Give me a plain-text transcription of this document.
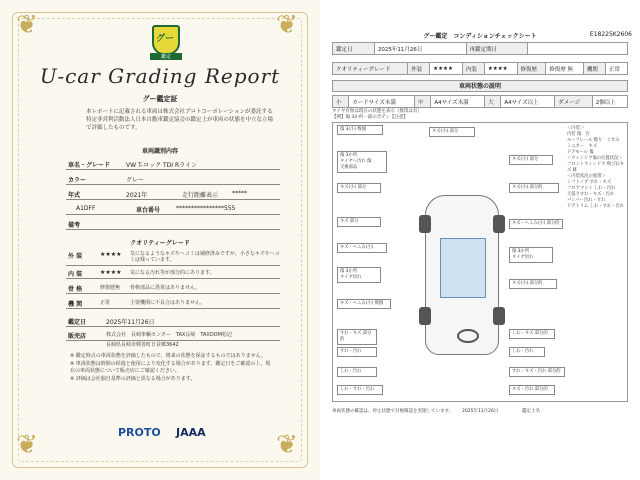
❦	❦
❦	❦
グー
鑑定
U-car Grading Report
グー鑑定証
本レポートに記載される車両は株式会社プロトコーポレーションが委託する特定非営利活動法人日本自動車鑑定協会の鑑定士が車両の状態を中立な立場で評価したものです。
車両識別内容
車名・グレード	VW T-ロック TDI Rライン
カラー	グレー
年式	2021年	走行距離表示 *****
A1DFF	車台番号	****************555
備考
クオリティーグレード
外 装	★★★★ 気になるようなキズやヘコミは補修済みですが、小さなキズやヘコミは残っています。
内 装	★★★★ 気になる汚れ等が部分的にあります。
骨 格	修復歴無 骨格部品に異常はありません。
機 関	正常	主要機関に不具合はありません。
鑑定日	2025年11月26日
販売店	株式会社　長崎車輌センター　TAX長崎　TAXDOM松辺
長崎県長崎市興善町日並郷3642
※ 鑑定時点の車両状態を評価したもので、将来の状態を保証するものではありません。
※ 車両状態は時間の経過と使用により変化する場合があります。鑑定日をご確認の上、現在の車両状態について販売店にご確認ください。
※ 評価は会社独自基準の評価と異なる場合があります。
PROTO JAAA
グー鑑定　コンディションチェックシート	E18225K2606
鑑定日	2025年11月26日	再鑑定期日	
クオリティーグレード	外装	★★★★	内装	★★★★	修復歴	修復歴 無	機関	正常
車両状態の説明
小	カードサイズ未満	中	A4サイズ未満	大	A4サイズ以上	ダメージ	2個以上
タイヤ有無は現在の状態を表示（無印は有）
【例】傷 3か所一部のボディ【注意】
傷 3(小) 数個
傷 3か所
タイヤへ汚れ 傷
交換部品
キズ(小) 部分
キズ 部分
キズ・へこみ(小)
傷 3か所
タイヤ切れ
キズ・へこみ(小) 数個
キズ(小) 部分
キズ(小) 部分
キズ(小) 部分的
キズ・へこみ(小) 部分的
傷 3か所
タイヤ切れ
キズ(小) 部分的
＜内装＞
内装 傷　汚
ルーフレール 擦り　くすみ
ミニカー　キズ
ドアモール 傷
＜ウィンドウ傷の位置状況＞
フロントウィンドウ 飛び石キズ 跡
＜内装状況の異常＞
シフトノブ すれ・キズ
フロアマット しわ・汚れ
天張りすれ・キズ・汚れ
バンパー汚れ・すれ
ドアトリム しわ・すれ・汚れ
すれ・キズ 部分的
すれ・汚れ
しわ・汚れ
しわ・すれ・汚れ
しわ・キズ 部分的
しわ・汚れ
すれ・キズ・汚れ 部分的
キズ・汚れ 部分的
車両状態の確認は、停止状態で目視確認を実施しています。 2025年11月26日	鑑定士名
